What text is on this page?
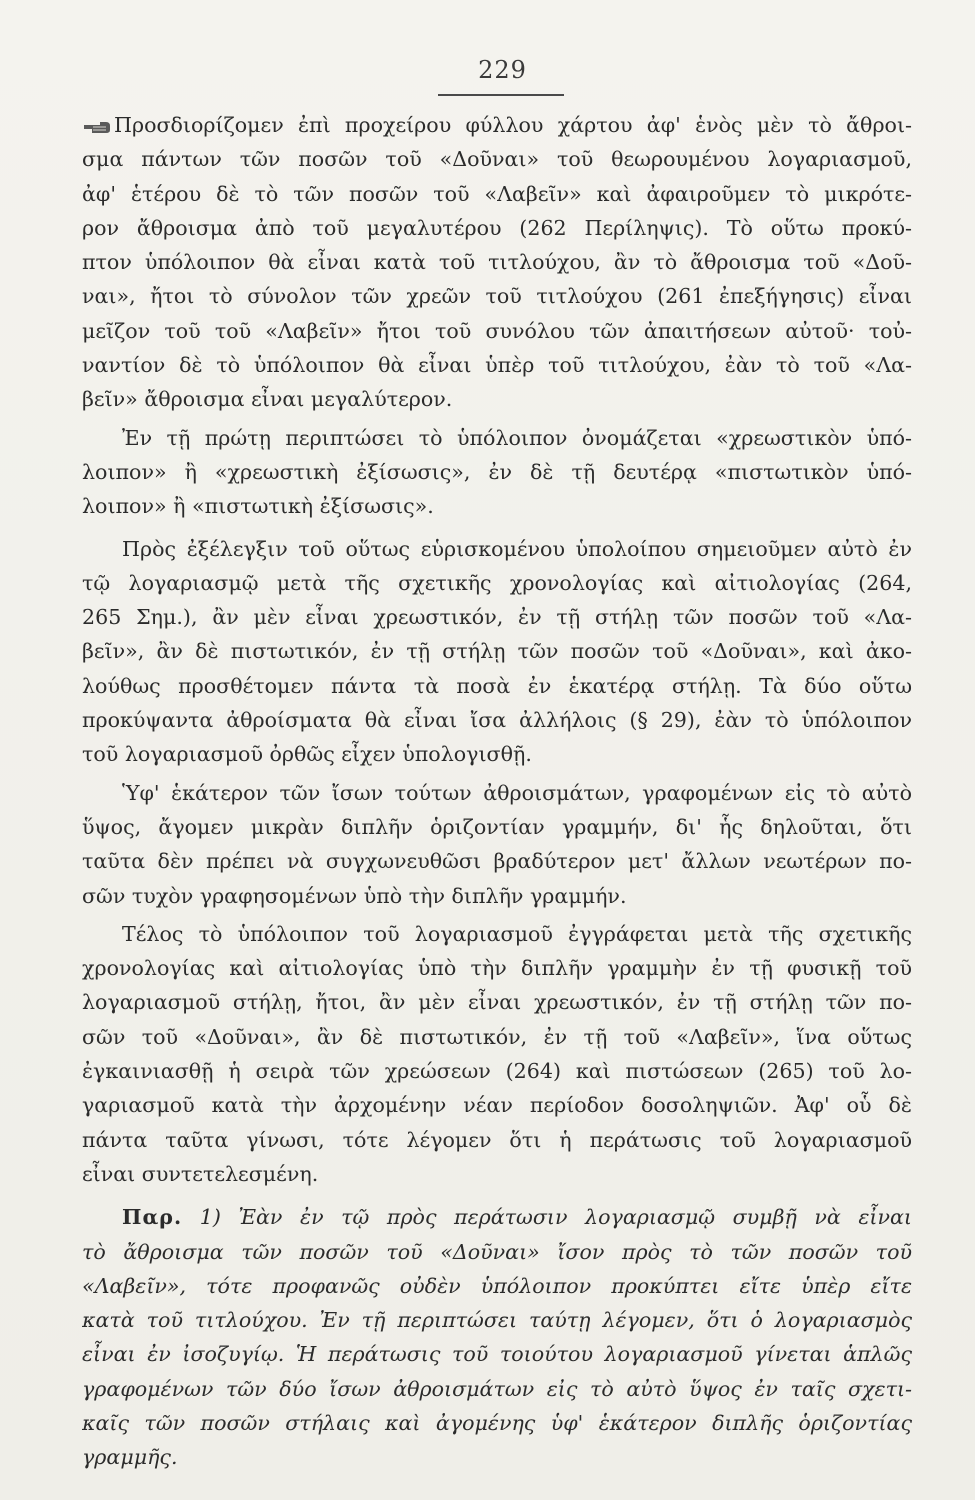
229
Προσδιορίζομεν ἐπὶ προχείρου φύλλου χάρτου ἀφ' ἑνὸς μὲν τὸ ἄθροι-
σμα πάντων τῶν ποσῶν τοῦ «Δοῦναι» τοῦ θεωρουμένου λογαριασμοῦ,
ἀφ' ἑτέρου δὲ τὸ τῶν ποσῶν τοῦ «Λαβεῖν» καὶ ἀφαιροῦμεν τὸ μικρότε-
ρον ἄθροισμα ἀπὸ τοῦ μεγαλυτέρου (262 Περίληψις). Τὸ οὕτω προκύ-
πτον ὑπόλοιπον θὰ εἶναι κατὰ τοῦ τιτλούχου, ἂν τὸ ἄθροισμα τοῦ «Δοῦ-
ναι», ἤτοι τὸ σύνολον τῶν χρεῶν τοῦ τιτλούχου (261 ἐπεξήγησις) εἶναι
μεῖζον τοῦ τοῦ «Λαβεῖν» ἤτοι τοῦ συνόλου τῶν ἀπαιτήσεων αὐτοῦ· τοὐ-
ναντίον δὲ τὸ ὑπόλοιπον θὰ εἶναι ὑπὲρ τοῦ τιτλούχου, ἐὰν τὸ τοῦ «Λα-
βεῖν» ἄθροισμα εἶναι μεγαλύτερον.
Ἐν τῇ πρώτῃ περιπτώσει τὸ ὑπόλοιπον ὀνομάζεται «χρεωστικὸν ὑπό-
λοιπον» ἢ «χρεωστικὴ ἐξίσωσις», ἐν δὲ τῇ δευτέρᾳ «πιστωτικὸν ὑπό-
λοιπον» ἢ «πιστωτικὴ ἐξίσωσις».
Πρὸς ἐξέλεγξιν τοῦ οὕτως εὑρισκομένου ὑπολοίπου σημειοῦμεν αὐτὸ ἐν
τῷ λογαριασμῷ μετὰ τῆς σχετικῆς χρονολογίας καὶ αἰτιολογίας (264,
265 Σημ.), ἂν μὲν εἶναι χρεωστικόν, ἐν τῇ στήλῃ τῶν ποσῶν τοῦ «Λα-
βεῖν», ἂν δὲ πιστωτικόν, ἐν τῇ στήλῃ τῶν ποσῶν τοῦ «Δοῦναι», καὶ ἀκο-
λούθως προσθέτομεν πάντα τὰ ποσὰ ἐν ἑκατέρᾳ στήλῃ. Τὰ δύο οὕτω
προκύψαντα ἀθροίσματα θὰ εἶναι ἴσα ἀλλήλοις (§ 29), ἐὰν τὸ ὑπόλοιπον
τοῦ λογαριασμοῦ ὀρθῶς εἶχεν ὑπολογισθῇ.
Ὑφ' ἑκάτερον τῶν ἴσων τούτων ἀθροισμάτων, γραφομένων εἰς τὸ αὐτὸ
ὕψος, ἄγομεν μικρὰν διπλῆν ὁριζοντίαν γραμμήν, δι' ἧς δηλοῦται, ὅτι
ταῦτα δὲν πρέπει νὰ συγχωνευθῶσι βραδύτερον μετ' ἄλλων νεωτέρων πο-
σῶν τυχὸν γραφησομένων ὑπὸ τὴν διπλῆν γραμμήν.
Τέλος τὸ ὑπόλοιπον τοῦ λογαριασμοῦ ἐγγράφεται μετὰ τῆς σχετικῆς
χρονολογίας καὶ αἰτιολογίας ὑπὸ τὴν διπλῆν γραμμὴν ἐν τῇ φυσικῇ τοῦ
λογαριασμοῦ στήλῃ, ἤτοι, ἂν μὲν εἶναι χρεωστικόν, ἐν τῇ στήλῃ τῶν πο-
σῶν τοῦ «Δοῦναι», ἂν δὲ πιστωτικόν, ἐν τῇ τοῦ «Λαβεῖν», ἵνα οὕτως
ἐγκαινιασθῇ ἡ σειρὰ τῶν χρεώσεων (264) καὶ πιστώσεων (265) τοῦ λο-
γαριασμοῦ κατὰ τὴν ἀρχομένην νέαν περίοδον δοσοληψιῶν. Ἀφ' οὗ δὲ
πάντα ταῦτα γίνωσι, τότε λέγομεν ὅτι ἡ περάτωσις τοῦ λογαριασμοῦ
εἶναι συντετελεσμένη.
Παρ. 1) Ἐὰν ἐν τῷ πρὸς περάτωσιν λογαριασμῷ συμβῇ νὰ εἶναι
τὸ ἄθροισμα τῶν ποσῶν τοῦ «Δοῦναι» ἴσον πρὸς τὸ τῶν ποσῶν τοῦ
«Λαβεῖν», τότε προφανῶς οὐδὲν ὑπόλοιπον προκύπτει εἴτε ὑπὲρ εἴτε
κατὰ τοῦ τιτλούχου. Ἐν τῇ περιπτώσει ταύτῃ λέγομεν, ὅτι ὁ λογαριασμὸς
εἶναι ἐν ἰσοζυγίῳ. Ἡ περάτωσις τοῦ τοιούτου λογαριασμοῦ γίνεται ἁπλῶς
γραφομένων τῶν δύο ἴσων ἀθροισμάτων εἰς τὸ αὐτὸ ὕψος ἐν ταῖς σχετι-
καῖς τῶν ποσῶν στήλαις καὶ ἀγομένης ὑφ' ἑκάτερον διπλῆς ὁριζοντίας
γραμμῆς.
